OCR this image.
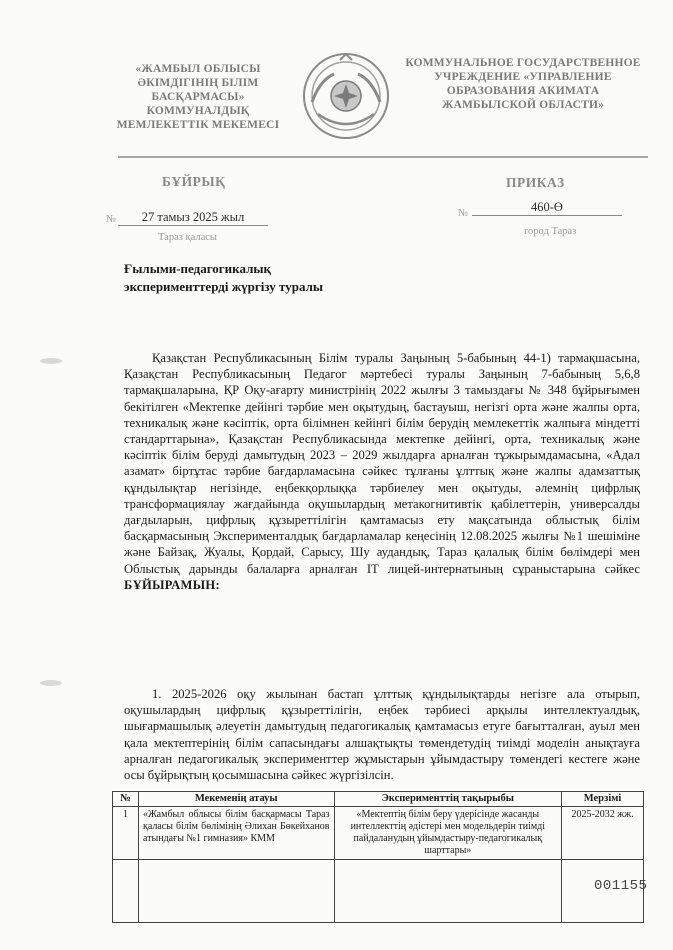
«ЖАМБЫЛ ОБЛЫСЫ ӘКІМДІГІНІҢ БІЛІМ БАСҚАРМАСЫ» КОММУНАЛДЫҚ МЕМЛЕКЕТТІК МЕКЕМЕСІ
КОММУНАЛЬНОЕ ГОСУДАРСТВЕННОЕ УЧРЕЖДЕНИЕ «УПРАВЛЕНИЕ ОБРАЗОВАНИЯ АКИМАТА ЖАМБЫЛСКОЙ ОБЛАСТИ»
БҰЙРЫҚ	ПРИКАЗ
№	27 тамыз 2025 жыл
Тараз қаласы
№	460-Ө
город Тараз
Ғылыми-педагогикалық эксперименттерді жүргізу туралы
Қазақстан Республикасының Білім туралы Заңының 5-бабының 44-1) тармақшасына, Қазақстан Республикасының Педагог мәртебесі туралы Заңының 7-бабының 5,6,8 тармақшаларына, ҚР Оқу-ағарту министрінің 2022 жылғы 3 тамыздағы № 348 бұйрығымен бекітілген «Мектепке дейінгі тәрбие мен оқытудың, бастауыш, негізгі орта және жалпы орта, техникалық және кәсіптік, орта білімнен кейінгі білім берудің мемлекеттік жалпыға міндетті стандарттарына», Қазақстан Республикасында мектепке дейінгі, орта, техникалық және кәсіптік білім беруді дамытудың 2023 – 2029 жылдарға арналған тұжырымдамасына, «Адал азамат» біртұтас тәрбие бағдарламасына сәйкес тұлғаны ұлттық және жалпы адамзаттық құндылықтар негізінде, еңбекқорлыққа тәрбиелеу мен оқытуды, әлемнің цифрлық трансформациялау жағдайында оқушылардың метакогнитивтік қабілеттерін, универсалды дағдыларын, цифрлық құзыреттілігін қамтамасыз ету мақсатында облыстық білім басқармасының Эксперименталдық бағдарламалар кеңесінің 12.08.2025 жылғы №1 шешіміне және Байзақ, Жуалы, Қордай, Сарысу, Шу аудандық, Тараз қалалық білім бөлімдері мен Облыстық дарынды балаларға арналған IT лицей-интернатының сұраныстарына сәйкес БҰЙЫРАМЫН:
1. 2025-2026 оқу жылынан бастап ұлттық құндылықтарды негізге ала отырып, оқушылардың цифрлық құзыреттілігін, еңбек тәрбиесі арқылы интеллектуалдық, шығармашылық әлеуетін дамытудың педагогикалық қамтамасыз етуге бағытталған, ауыл мен қала мектептерінің білім сапасындағы алшақтықты төмендетудің тиімді моделін анықтауға арналған педагогикалық эксперименттер жұмыстарын ұйымдастыру төмендегі кестеге және осы бұйрықтың қосымшасына сәйкес жүргізілсін.
№	Мекеменің атауы	Эксперименттің тақырыбы	Мерзімі
1	«Жамбыл облысы білім басқармасы Тараз қаласы білім бөлімінің Әлихан Бөкейханов атындағы №1 гимназия» КММ	«Мектептің білім беру үдерісінде жасанды интеллекттің әдістері мен модельдерін тиімді пайдаланудың ұйымдастыру-педагогикалық шарттары»	2025-2032 жж.

001155
